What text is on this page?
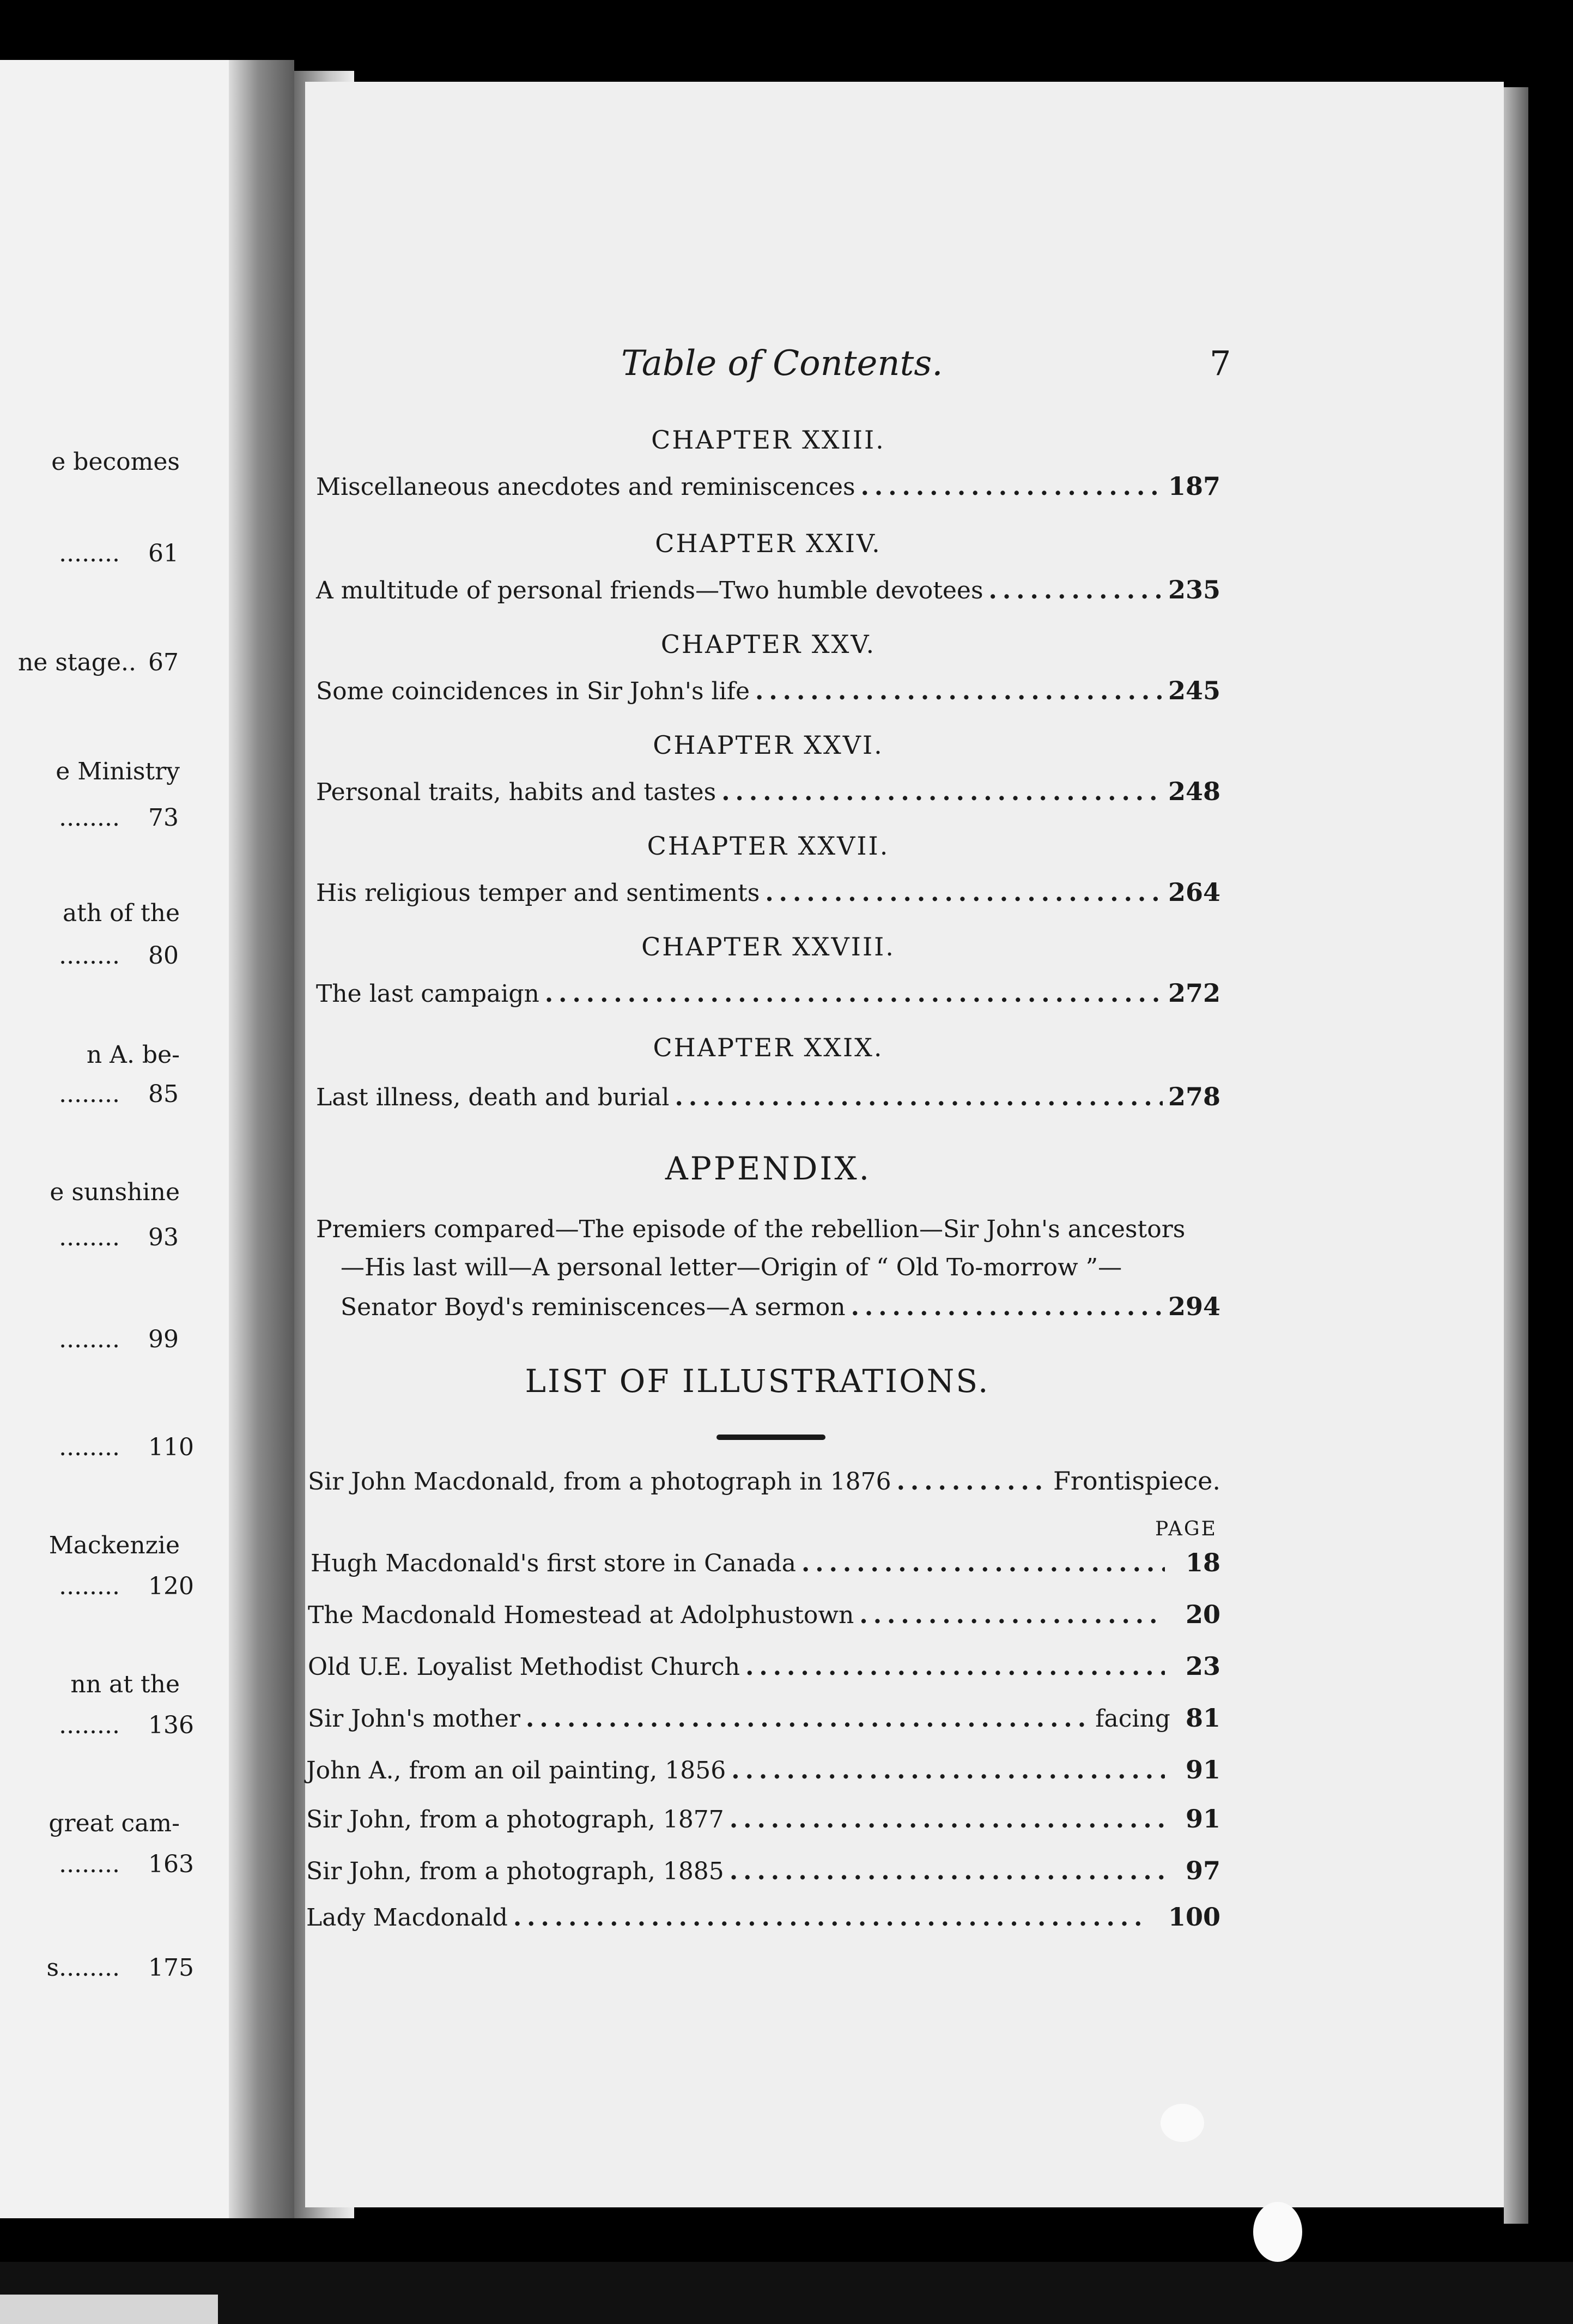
e becomes
........ 61
ne stage.. 67
e Ministry
........ 73
ath of the
........ 80
n A. be-
........ 85
e sunshine
........ 93
........ 99
........ 110
Mackenzie
........ 120
nn at the
........ 136
great cam-
........ 163
s........ 175
Table of Contents.	7
CHAPTER XXIII.
Miscellaneous anecdotes and reminiscences .....	187
CHAPTER XXIV.
A multitude of personal friends—Two humble devotees .....	235
CHAPTER XXV.
Some coincidences in Sir John's life .....	245
CHAPTER XXVI.
Personal traits, habits and tastes .....	248
CHAPTER XXVII.
His religious temper and sentiments .....	264
CHAPTER XXVIII.
The last campaign .....	272
CHAPTER XXIX.
Last illness, death and burial .....	278
APPENDIX.
Premiers compared—The episode of the rebellion—Sir John's ancestors
—His last will—A personal letter—Origin of “ Old To-morrow ”—
Senator Boyd's reminiscences—A sermon .....	294
LIST OF ILLUSTRATIONS.
Sir John Macdonald, from a photograph in 1876 .....	Frontispiece.
PAGE
Hugh Macdonald's first store in Canada .....	18
The Macdonald Homestead at Adolphustown .....	20
Old U.E. Loyalist Methodist Church .....	23
Sir John's mother .....	facing 81
John A., from an oil painting, 1856 .....	91
Sir John, from a photograph, 1877 .....	91
Sir John, from a photograph, 1885 .....	97
Lady Macdonald .....	100
